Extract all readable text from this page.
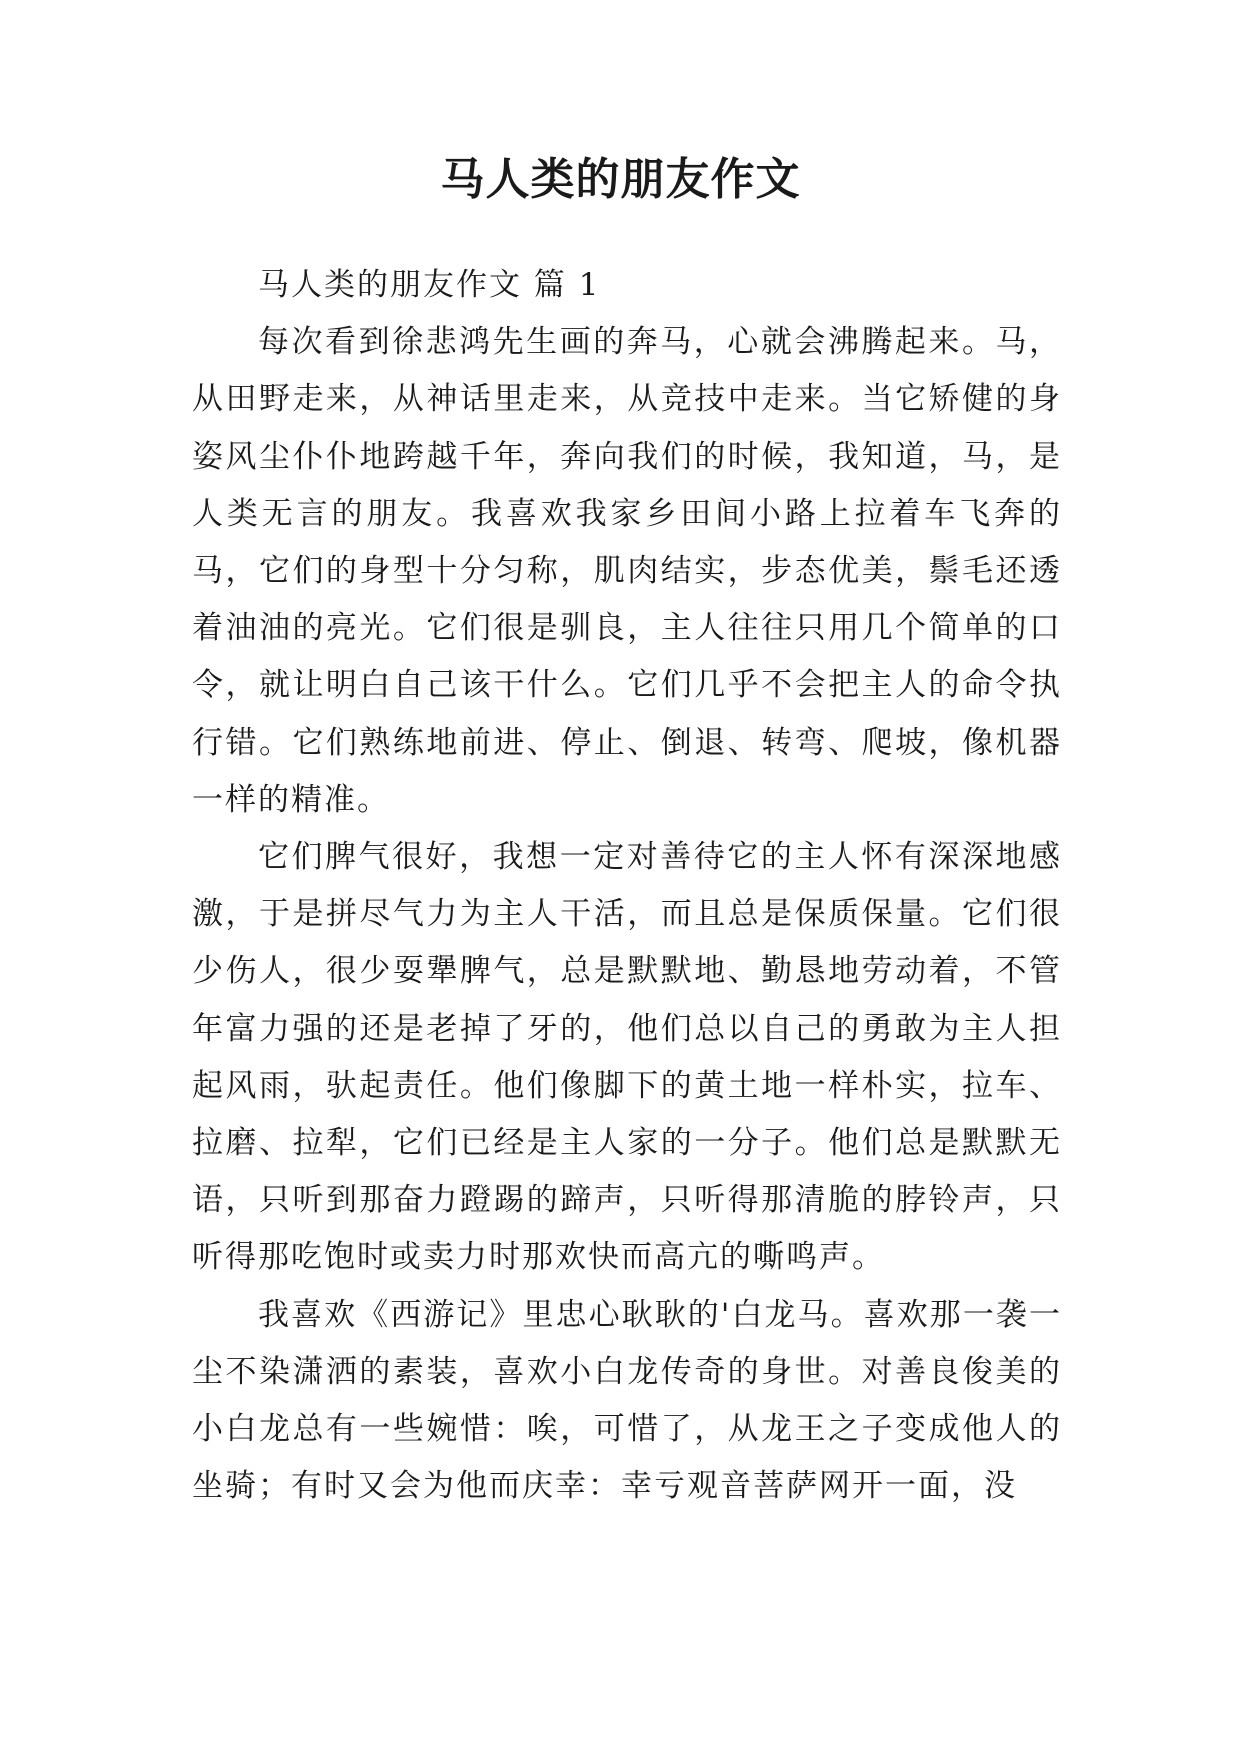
马人类的朋友作文

马人类的朋友作文 篇 1

每次看到徐悲鸿先生画的奔马，心就会沸腾起来。马，从田野走来，从神话里走来，从竞技中走来。当它矫健的身姿风尘仆仆地跨越千年，奔向我们的时候，我知道，马，是人类无言的朋友。我喜欢我家乡田间小路上拉着车飞奔的马，它们的身型十分匀称，肌肉结实，步态优美，鬃毛还透着油油的亮光。它们很是驯良，主人往往只用几个简单的口令，就让明白自己该干什么。它们几乎不会把主人的命令执行错。它们熟练地前进、停止、倒退、转弯、爬坡，像机器一样的精准。

它们脾气很好，我想一定对善待它的主人怀有深深地感激，于是拼尽气力为主人干活，而且总是保质保量。它们很少伤人，很少耍犟脾气，总是默默地、勤恳地劳动着，不管年富力强的还是老掉了牙的，他们总以自己的勇敢为主人担起风雨，驮起责任。他们像脚下的黄土地一样朴实，拉车、拉磨、拉犁，它们已经是主人家的一分子。他们总是默默无语，只听到那奋力蹬踢的蹄声，只听得那清脆的脖铃声，只听得那吃饱时或卖力时那欢快而高亢的嘶鸣声。

我喜欢《西游记》里忠心耿耿的'白龙马。喜欢那一袭一尘不染潇洒的素装，喜欢小白龙传奇的身世。对善良俊美的小白龙总有一些婉惜：唉，可惜了，从龙王之子变成他人的坐骑；有时又会为他而庆幸：幸亏观音菩萨网开一面，没
